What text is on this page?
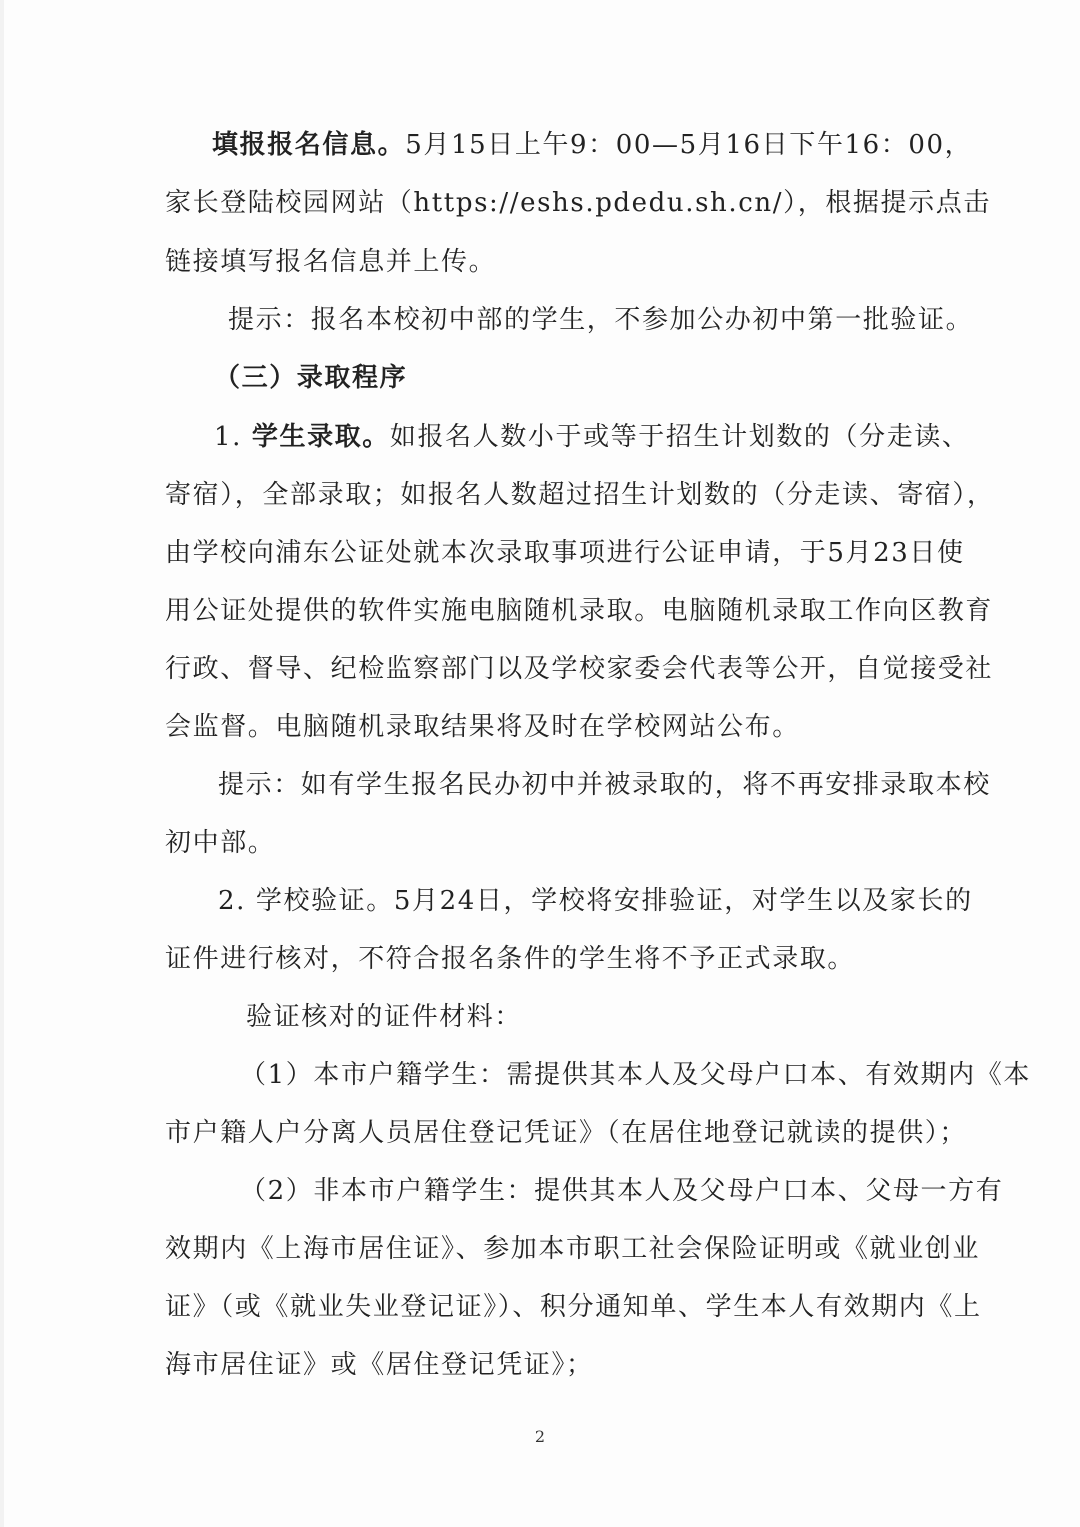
填报报名信息。5月15日上午9：00—5月16日下午16：00，
家长登陆校园网站（https://eshs.pdedu.sh.cn/），根据提示点击
链接填写报名信息并上传。
提示：报名本校初中部的学生，不参加公办初中第一批验证。
（三）录取程序
1. 学生录取。如报名人数小于或等于招生计划数的（分走读、
寄宿），全部录取；如报名人数超过招生计划数的（分走读、寄宿），
由学校向浦东公证处就本次录取事项进行公证申请，于5月23日使
用公证处提供的软件实施电脑随机录取。电脑随机录取工作向区教育
行政、督导、纪检监察部门以及学校家委会代表等公开，自觉接受社
会监督。电脑随机录取结果将及时在学校网站公布。
提示：如有学生报名民办初中并被录取的，将不再安排录取本校
初中部。
2. 学校验证。5月24日，学校将安排验证，对学生以及家长的
证件进行核对，不符合报名条件的学生将不予正式录取。
验证核对的证件材料：
（1）本市户籍学生：需提供其本人及父母户口本、有效期内《本
市户籍人户分离人员居住登记凭证》（在居住地登记就读的提供）；
（2）非本市户籍学生：提供其本人及父母户口本、父母一方有
效期内《上海市居住证》、参加本市职工社会保险证明或《就业创业
证》（或《就业失业登记证》）、积分通知单、学生本人有效期内《上
海市居住证》或《居住登记凭证》；
2
